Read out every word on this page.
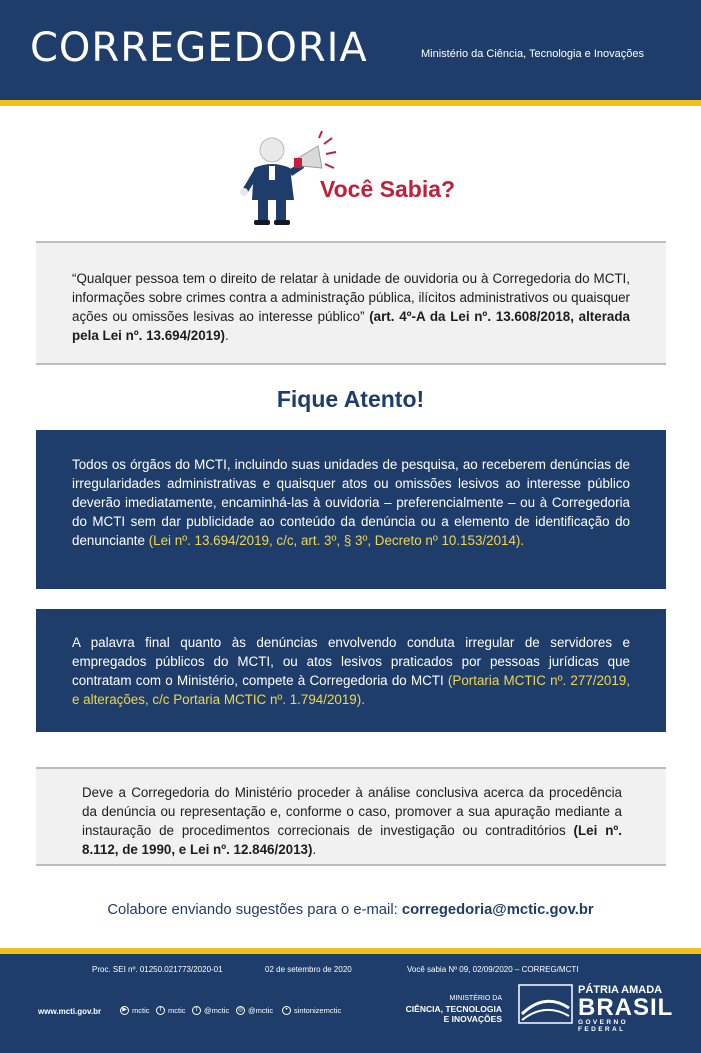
CORREGEDORIA	Ministério da Ciência, Tecnologia e Inovações
Você Sabia?

“Qualquer pessoa tem o direito de relatar à unidade de ouvidoria ou à Corregedoria do MCTI, informações sobre crimes contra a administração pública, ilícitos administrativos ou quaisquer ações ou omissões lesivas ao interesse público” (art. 4º-A da Lei nº. 13.608/2018, alterada pela Lei nº. 13.694/2019).

Fique Atento!

Todos os órgãos do MCTI, incluindo suas unidades de pesquisa, ao receberem denúncias de irregularidades administrativas e quaisquer atos ou omissões lesivos ao interesse público deverão imediatamente, encaminhá-las à ouvidoria – preferencialmente – ou à Corregedoria do MCTI sem dar publicidade ao conteúdo da denúncia ou a elemento de identificação do denunciante (Lei nº. 13.694/2019, c/c, art. 3º, § 3º, Decreto nº 10.153/2014).

A palavra final quanto às denúncias envolvendo conduta irregular de servidores e empregados públicos do MCTI, ou atos lesivos praticados por pessoas jurídicas que contratam com o Ministério, compete à Corregedoria do MCTI (Portaria MCTIC nº. 277/2019, e alterações, c/c Portaria MCTIC nº. 1.794/2019).

Deve a Corregedoria do Ministério proceder à análise conclusiva acerca da procedência da denúncia ou representação e, conforme o caso, promover a sua apuração mediante a instauração de procedimentos correcionais de investigação ou contraditórios (Lei nº. 8.112, de 1990, e Lei nº. 12.846/2013).

Colabore enviando sugestões para o e-mail: corregedoria@mctic.gov.br
Proc. SEI nº. 01250.021773/2020-01	02 de setembro de 2020	Você sabia Nº 09, 02/09/2020 – CORREG/MCTI
www.mcti.gov.br	▶ mctic	f mctic	t @mctic	◎ @mctic	• sintonizemctic
MINISTÉRIO DA
CIÊNCIA, TECNOLOGIA
E INOVAÇÕES
PÁTRIA AMADA
BRASIL
GOVERNO FEDERAL
